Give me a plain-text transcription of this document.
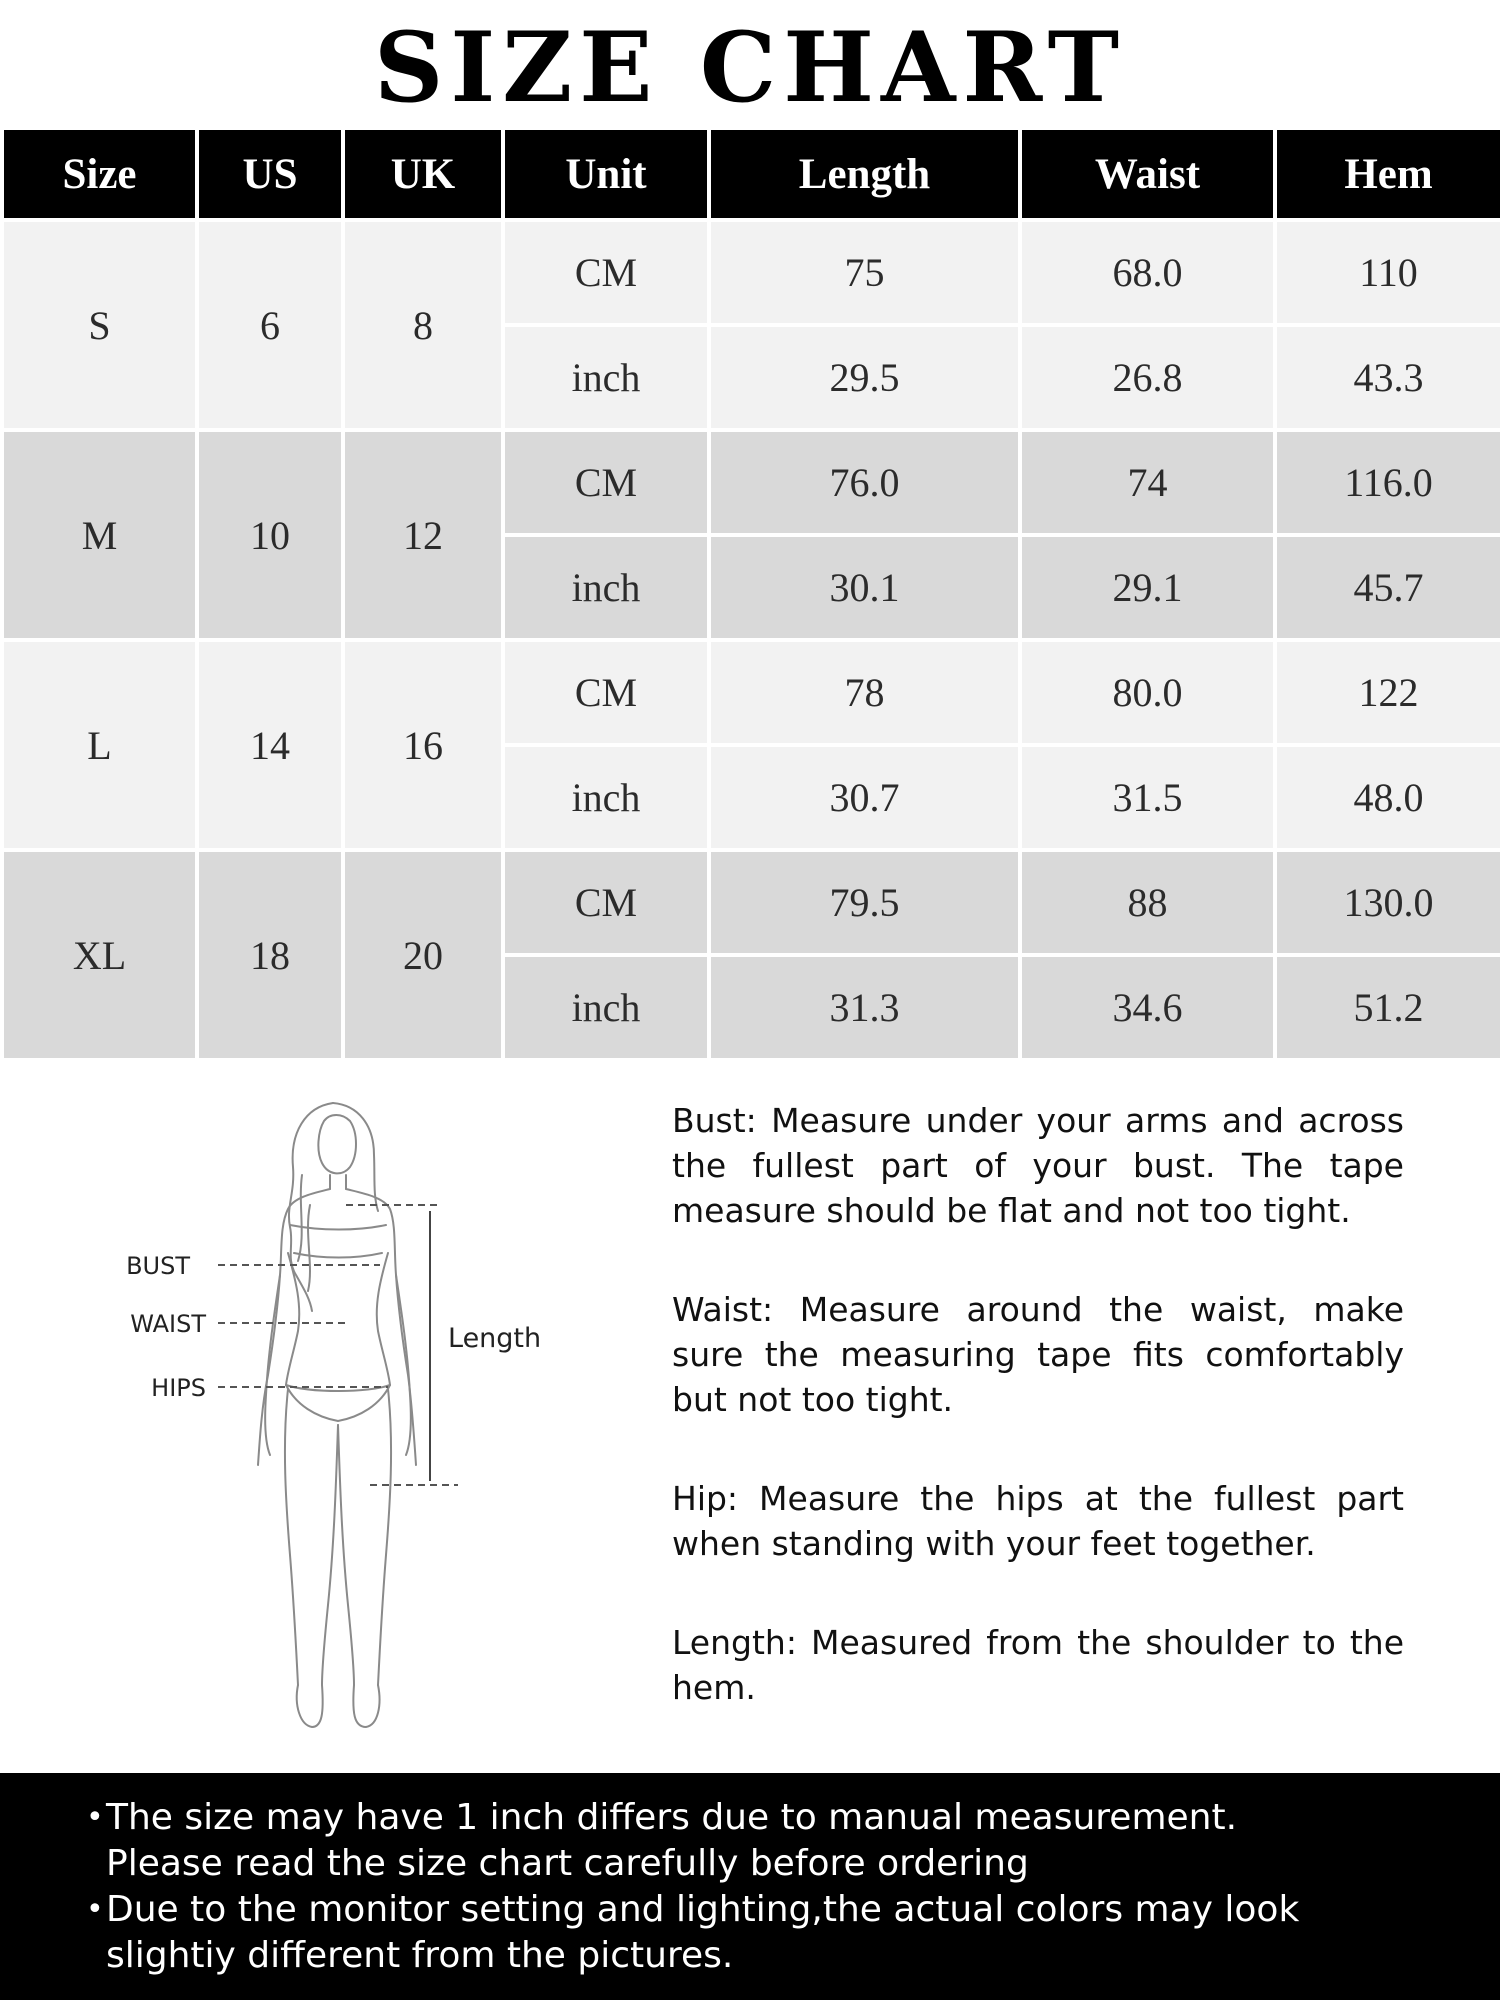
SIZE CHART
Size	US	UK	Unit	Length	Waist	Hem
S	6	8	CM	75	68.0	110
			inch	29.5	26.8	43.3
M	10	12	CM	76.0	74	116.0
			inch	30.1	29.1	45.7
L	14	16	CM	78	80.0	122
			inch	30.7	31.5	48.0
XL	18	20	CM	79.5	88	130.0
			inch	31.3	34.6	51.2
BUST
WAIST
HIPS
Length

Bust: Measure under your arms and across the fullest part of your bust. The tape measure should be flat and not too tight.

Waist: Measure around the waist, make sure the measuring tape fits comfortably but not too tight.

Hip: Measure the hips at the fullest part when standing with your feet together.

Length: Measured from the shoulder to the hem.

• The size may have 1 inch differs due to manual measurement.
Please read the size chart carefully before ordering
• Due to the monitor setting and lighting,the actual colors may look
slightiy different from the pictures.
